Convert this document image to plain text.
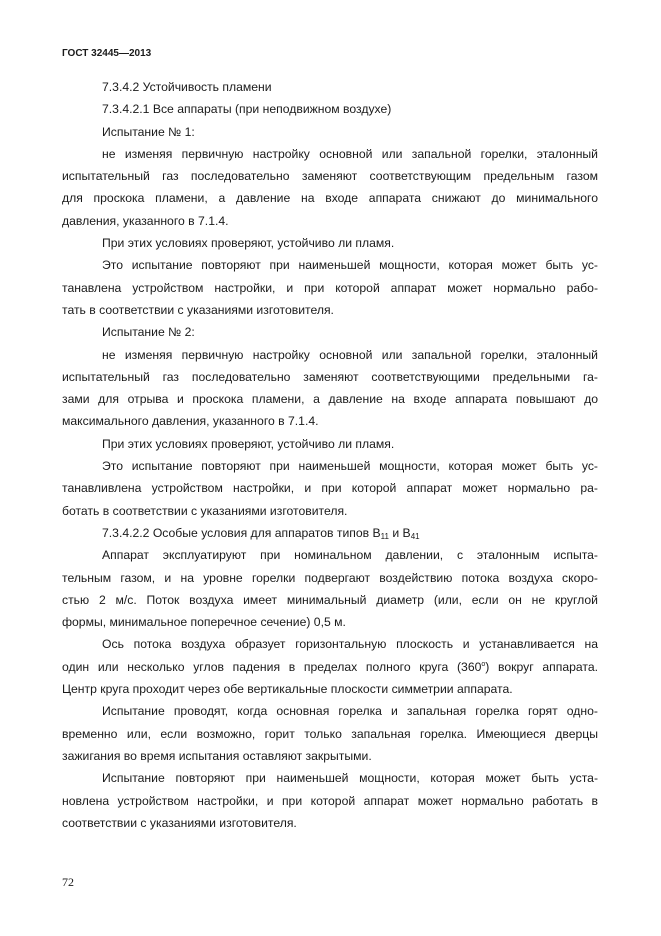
ГОСТ 32445—2013
7.3.4.2 Устойчивость пламени
7.3.4.2.1 Все аппараты (при неподвижном воздухе)
Испытание № 1:
не изменяя первичную настройку основной или запальной горелки, эталонный
испытательный газ последовательно заменяют соответствующим предельным газом
для проскока пламени, а давление на входе аппарата снижают до минимального
давления, указанного в 7.1.4.
При этих условиях проверяют, устойчиво ли пламя.
Это испытание повторяют при наименьшей мощности, которая может быть ус-
танавлена устройством настройки, и при которой аппарат может нормально рабо-
тать в соответствии с указаниями изготовителя.
Испытание № 2:
не изменяя первичную настройку основной или запальной горелки, эталонный
испытательный газ последовательно заменяют соответствующими предельными га-
зами для отрыва и проскока пламени, а давление на входе аппарата повышают до
максимального давления, указанного в 7.1.4.
При этих условиях проверяют, устойчиво ли пламя.
Это испытание повторяют при наименьшей мощности, которая может быть ус-
танавливлена устройством настройки, и при которой аппарат может нормально ра-
ботать в соответствии с указаниями изготовителя.
7.3.4.2.2 Особые условия для аппаратов типов $B_{11}$ и $B_{41}$
Аппарат эксплуатируют при номинальном давлении, с эталонным испыта-
тельным газом, и на уровне горелки подвергают воздействию потока воздуха скоро-
стью 2 м/с. Поток воздуха имеет минимальный диаметр (или, если он не круглой
формы, минимальное поперечное сечение) 0,5 м.
Ось потока воздуха образует горизонтальную плоскость и устанавливается на
один или несколько углов падения в пределах полного круга $(360^о)$ вокруг аппарата.
Центр круга проходит через обе вертикальные плоскости симметрии аппарата.
Испытание проводят, когда основная горелка и запальная горелка горят одно-
временно или, если возможно, горит только запальная горелка. Имеющиеся дверцы
зажигания во время испытания оставляют закрытыми.
Испытание повторяют при наименьшей мощности, которая может быть уста-
новлена устройством настройки, и при которой аппарат может нормально работать в
соответствии с указаниями изготовителя.
72
